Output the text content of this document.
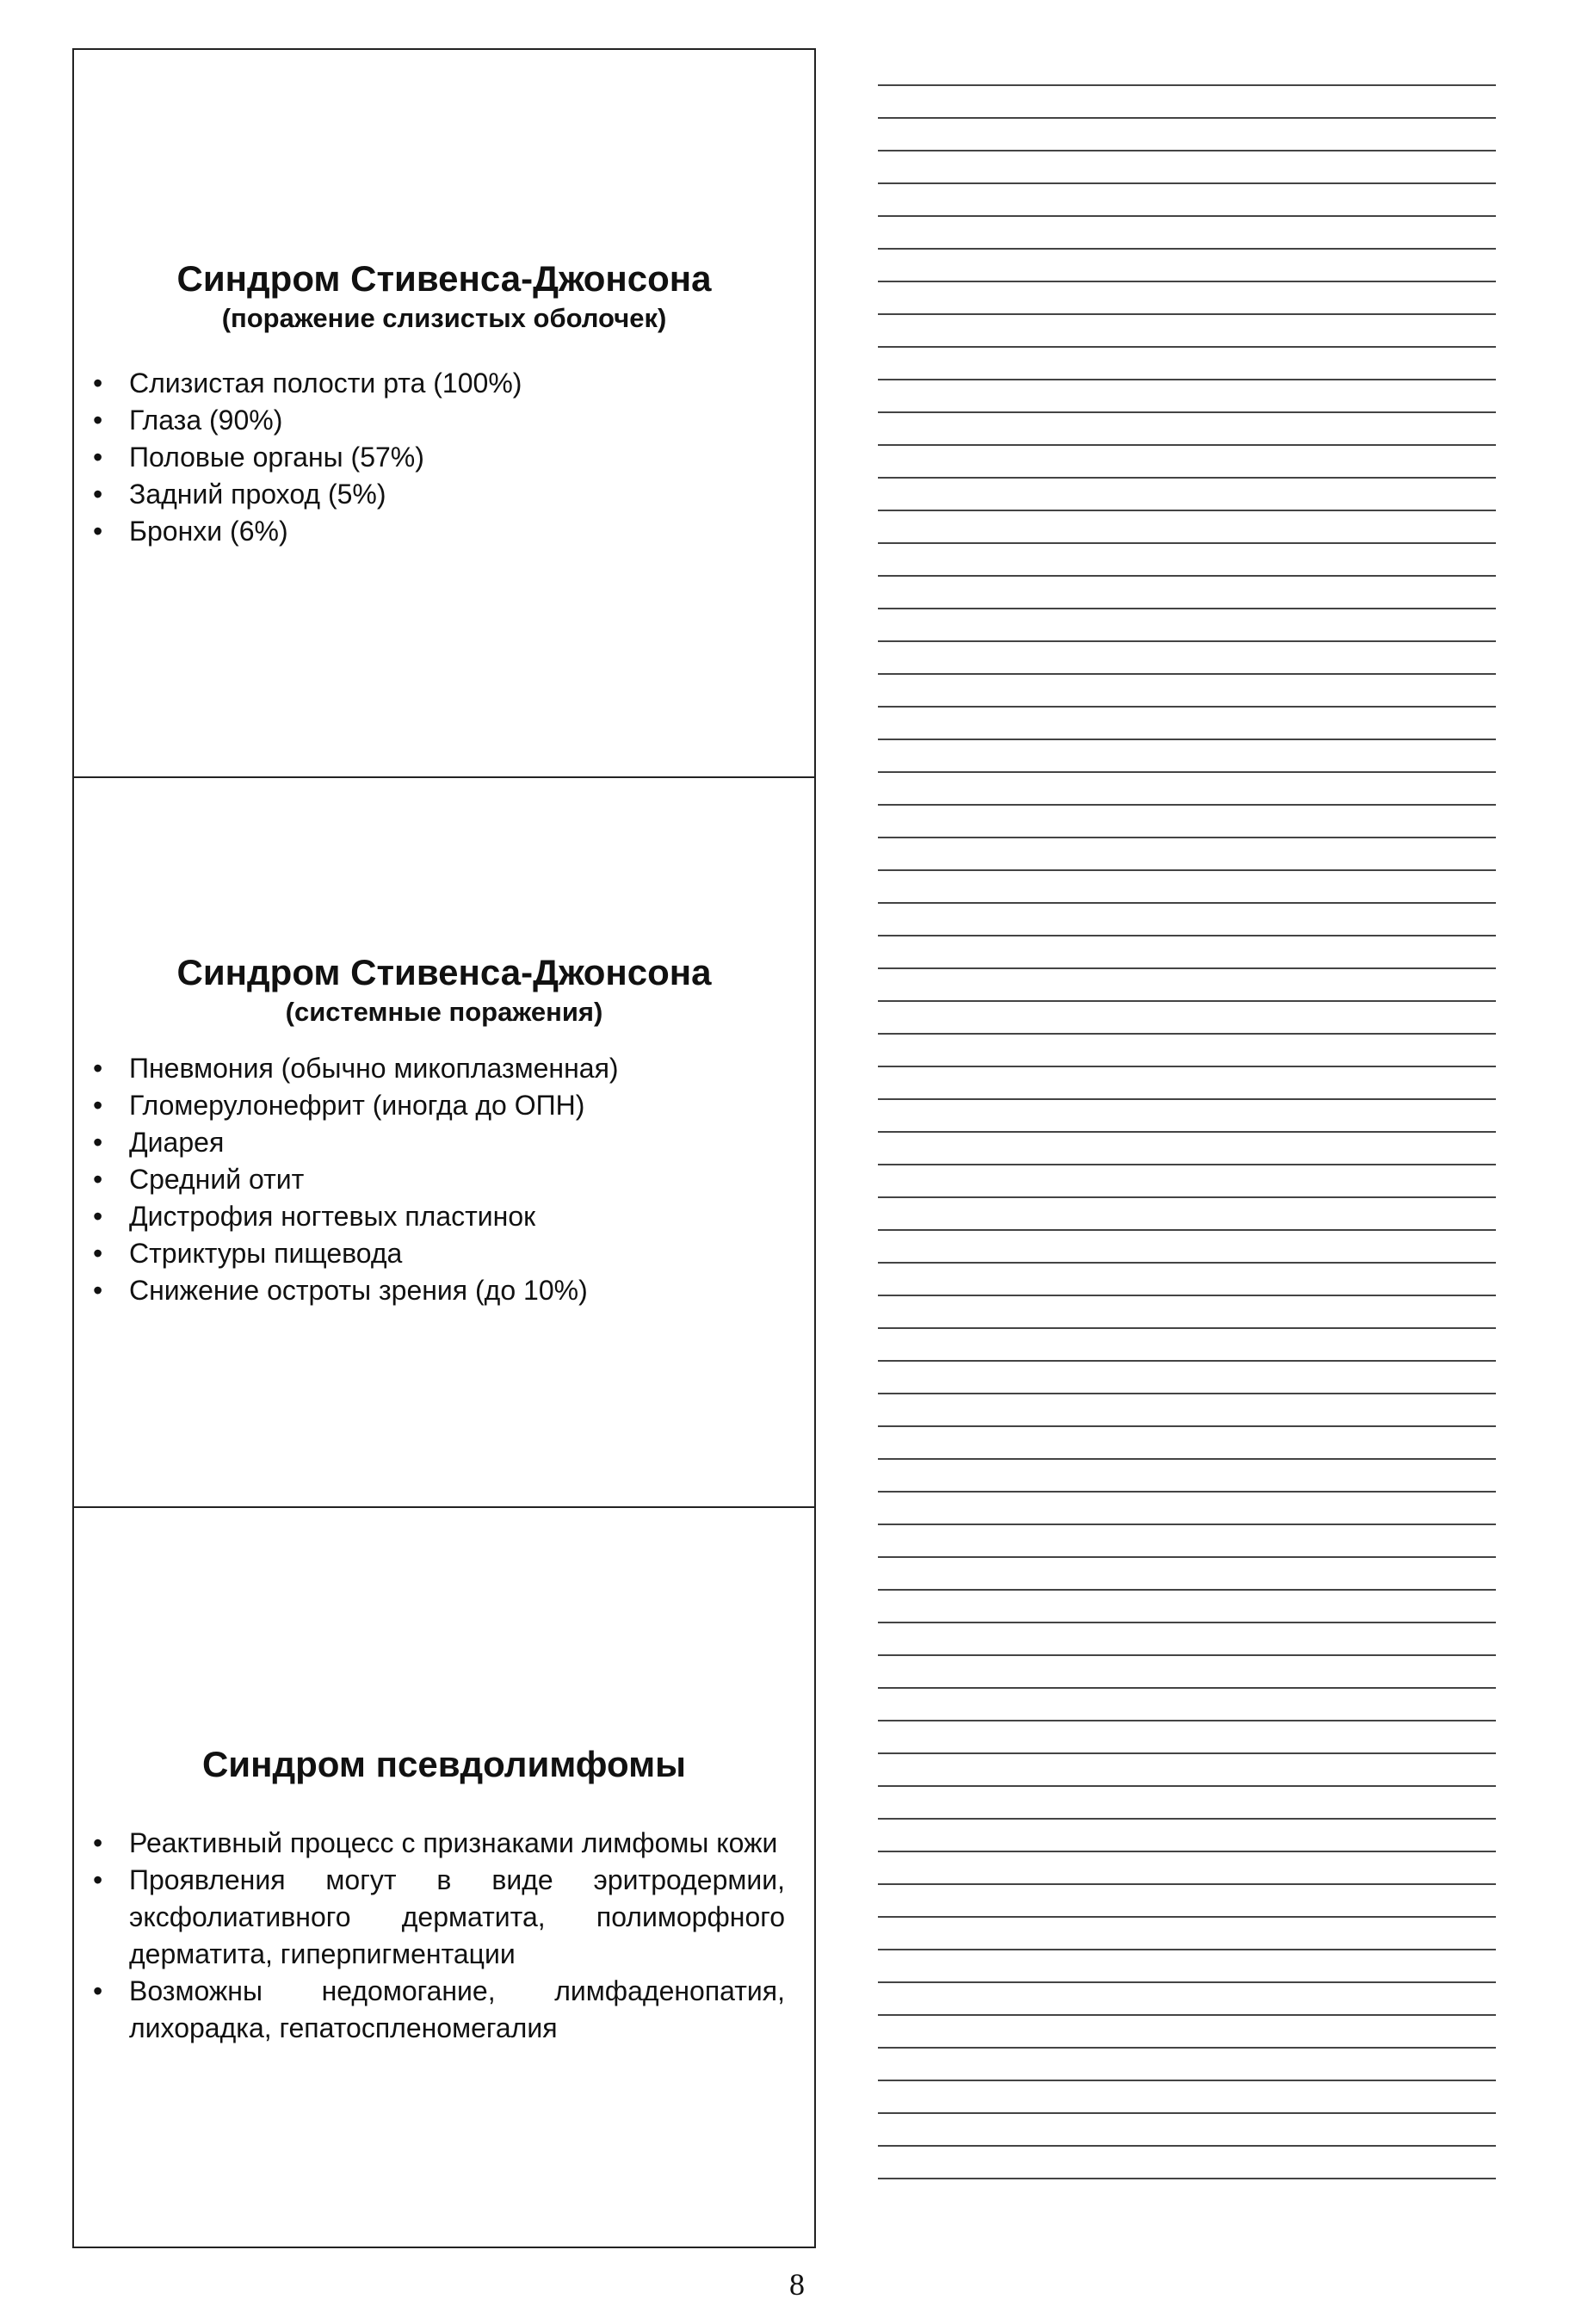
Синдром Стивенса-Джонсона

(поражение слизистых оболочек)

• Слизистая полости рта (100%)
• Глаза (90%)
• Половые органы (57%)
• Задний проход (5%)
• Бронхи (6%)
Синдром Стивенса-Джонсона

(системные поражения)

• Пневмония (обычно микоплазменная)
• Гломерулонефрит (иногда до ОПН)
• Диарея
• Средний отит
• Дистрофия ногтевых пластинок
• Стриктуры пищевода
• Снижение остроты зрения (до 10%)
Синдром псевдолимфомы
• Реактивный процесс с признаками лимфомы кожи
• Проявления могут в виде эритродермии, эксфолиативного дерматита, полиморфного дерматита, гиперпигментации
• Возможны недомогание, лимфаденопатия, лихорадка, гепатоспленомегалия
8
